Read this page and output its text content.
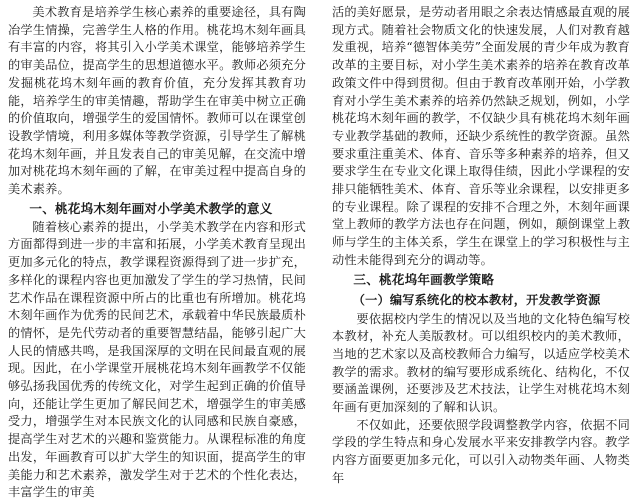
美术教育是培养学生核心素养的重要途径，具有陶冶学生情操，完善学生人格的作用。桃花坞木刻年画具有丰富的内容，将其引入小学美术课堂，能够培养学生的审美品位，提高学生的思想道德水平。教师必须充分发掘桃花坞木刻年画的教育价值，充分发挥其教育功能，培养学生的审美情趣，帮助学生在审美中树立正确的价值取向，增强学生的爱国情怀。教师可以在课堂创设教学情境，利用多媒体等教学资源，引导学生了解桃花坞木刻年画，并且发表自己的审美见解，在交流中增加对桃花坞木刻年画的了解，在审美过程中提高自身的美术素养。

一、桃花坞木刻年画对小学美术教学的意义

随着核心素养的提出，小学美术教学在内容和形式方面都得到进一步的丰富和拓展，小学美术教育呈现出更加多元化的特点，教学课程资源得到了进一步扩充，多样化的课程内容也更加激发了学生的学习热情，民间艺术作品在课程资源中所占的比重也有所增加。桃花坞木刻年画作为优秀的民间艺术，承载着中华民族最质朴的情怀，是先代劳动者的重要智慧结晶，能够引起广大人民的情感共鸣，是我国深厚的文明在民间最直观的展现。因此，在小学课堂开展桃花坞木刻年画教学不仅能够弘扬我国优秀的传统文化，对学生起到正确的价值导向，还能让学生更加了解民间艺术，增强学生的审美感受力，增强学生对本民族文化的认同感和民族自豪感，提高学生对艺术的兴趣和鉴赏能力。从课程标准的角度出发，年画教育可以扩大学生的知识面，提高学生的审美能力和艺术素养，激发学生对于艺术的个性化表达，丰富学生的审美

活的美好愿景，是劳动者用眼之余表达情感最直观的展现方式。随着社会物质文化的快速发展，人们对教育越发重视，培养“德智体美劳”全面发展的青少年成为教育改革的主要目标，对小学生美术素养的培养在教育改革政策文件中得到贯彻。但由于教育改革刚开始，小学教育对小学生美术素养的培养仍然缺乏规划，例如，小学桃花坞木刻年画的教学，不仅缺少具有桃花坞木刻年画专业教学基础的教师，还缺少系统性的教学资源。虽然要求重注重美术、体育、音乐等多种素养的培养，但又要求学生在专业文化课上取得佳绩，因此小学课程的安排只能牺牲美术、体育、音乐等业余课程，以安排更多的专业课程。除了课程的安排不合理之外，木刻年画课堂上教师的教学方法也存在问题，例如，颠倒课堂上教师与学生的主体关系，学生在课堂上的学习积极性与主动性未能得到充分的调动等。

三、桃花坞年画教学策略
（一）编写系统化的校本教材，开发教学资源

要依据校内学生的情况以及当地的文化特色编写校本教材，补充人美版教材。可以组织校内的美术教师，当地的艺术家以及高校教师合力编写，以适应学校美术教学的需求。教材的编写要形成系统化、结构化，不仅要涵盖课例，还要涉及艺术技法，让学生对桃花坞木刻年画有更加深刻的了解和认识。

不仅如此，还要依照学段调整教学内容，依据不同学段的学生特点和身心发展水平来安排教学内容。教学内容方面要更加多元化，可以引入动物类年画、人物类年
